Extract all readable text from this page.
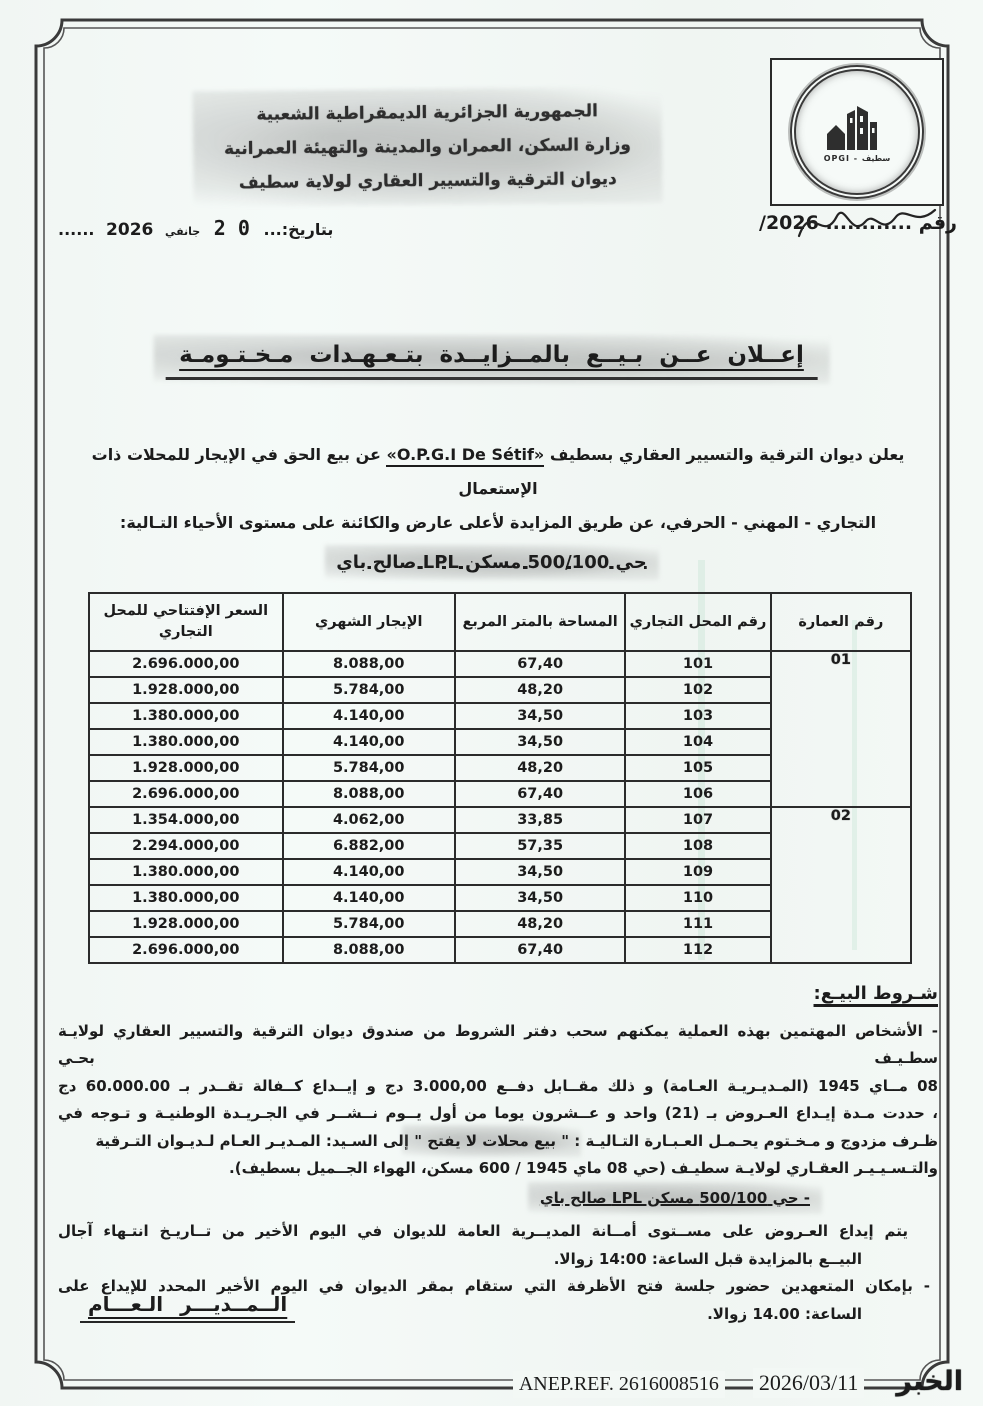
الجمهورية الجزائرية الديمقراطية الشعبية
وزارة السكن، العمران والمدينة والتهيئة العمرانية
ديوان الترقية والتسيير العقاري لولاية سطيف
OPGI - سطيف
رقم ............ /2026
بتاريخ:... 0 2 جانفي 2026 ......
إعــلان عــن بـيــع بالمــزايــدة بتـعـهـدات مـخـتـومـة
يعلن ديوان الترقية والتسيير العقاري بسطيف «O.P.G.I De Sétif» عن بيع الحق في الإيجار للمحلات ذات الإستعمال
التجاري - المهني - الحرفي، عن طريق المزايدة لأعلى عارض والكائنة على مستوى الأحياء التـالية:
حي 500/100 مسكن LPL صالح باي
رقم العمارة	رقم المحل التجاري	المساحة بالمتر المربع	الإيجار الشهري	السعر الإفتتاحي للمحل التجاري
01	101	67,40	8.088,00	2.696.000,00
	102	48,20	5.784,00	1.928.000,00
	103	34,50	4.140,00	1.380.000,00
	104	34,50	4.140,00	1.380.000,00
	105	48,20	5.784,00	1.928.000,00
	106	67,40	8.088,00	2.696.000,00
02	107	33,85	4.062,00	1.354.000,00
	108	57,35	6.882,00	2.294.000,00
	109	34,50	4.140,00	1.380.000,00
	110	34,50	4.140,00	1.380.000,00
	111	48,20	5.784,00	1.928.000,00
	112	67,40	8.088,00	2.696.000,00
شـروط البيـع:
- الأشخاص المهتمين بهذه العملية يمكنهم سحب دفتر الشروط من صندوق ديوان الترقية والتسيير العقاري لولايـة سطـيـف بحـي
08 مــاي 1945 (المـديـريـة العـامة) و ذلك مقــابل دفــع 3.000,00 دج و إيــداع كــفالة تقــدر بـ 60.000.00 دج
، حددت مـدة إيـداع العـروض بـ (21) واحد و عــشرون يوما من أول يــوم نــشــر في الجـريـدة الوطنيـة و تـوجه في
ظـرف مزدوج و مـخـتوم يحـمـل العـبـارة التـاليـة : " بيع محلات لا يفتح " إلى السـيد: المـديـر العـام لـديـوان التـرقية
والتـسـيـيـر العقـاري لولايـة سطيـف (حي 08 ماي 1945 / 600 مسكن، الهواء الجــميل بسطيف).
- حي 500/100 مسكن LPL صالح باي
يتم إيداع العـروض على مســتوى أمــانة المديــرية العامة للديوان في اليوم الأخير من تــاريـخ انتـهاء آجال
البيــع بالمزايدة قبل الساعة: 14:00 زوالا.
- بإمكان المتعهدين حضور جلسة فتح الأظرفة التي ستقام بمقر الديوان في اليوم الأخير المحدد للإيداع على
الساعة: 14.00 زوالا.
الــمــديـــر الـعـــام
ANEP.REF. 2616008516 2026/03/11 الخبر
